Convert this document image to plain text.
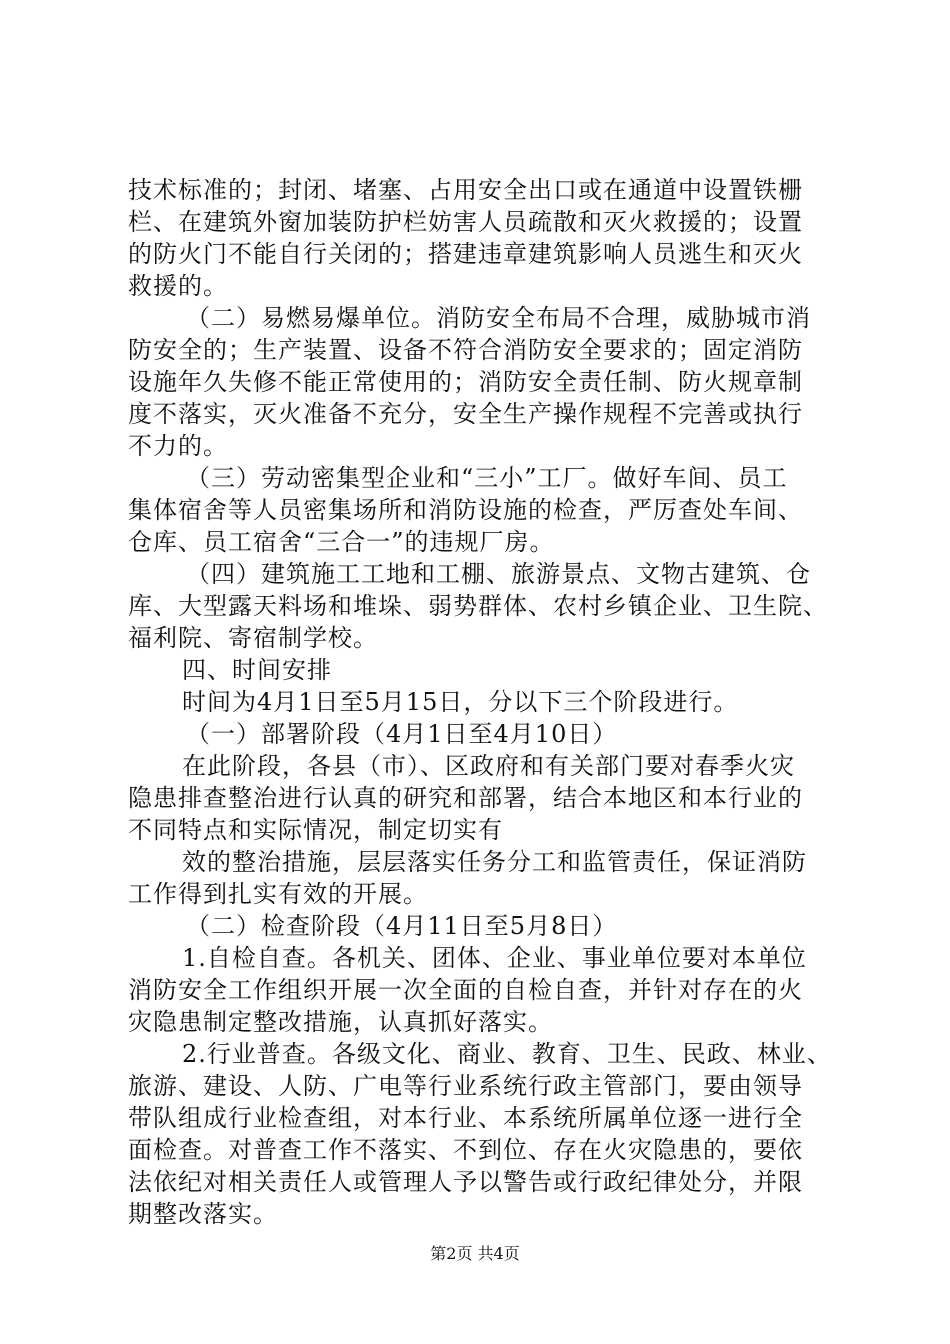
技术标准的；封闭、堵塞、占用安全出口或在通道中设置铁栅
栏、在建筑外窗加装防护栏妨害人员疏散和灭火救援的；设置
的防火门不能自行关闭的；搭建违章建筑影响人员逃生和灭火
救援的。
（二）易燃易爆单位。消防安全布局不合理，威胁城市消
防安全的；生产装置、设备不符合消防安全要求的；固定消防
设施年久失修不能正常使用的；消防安全责任制、防火规章制
度不落实，灭火准备不充分，安全生产操作规程不完善或执行
不力的。
（三）劳动密集型企业和“三小”工厂。做好车间、员工
集体宿舍等人员密集场所和消防设施的检查，严厉查处车间、
仓库、员工宿舍“三合一”的违规厂房。
（四）建筑施工工地和工棚、旅游景点、文物古建筑、仓
库、大型露天料场和堆垛、弱势群体、农村乡镇企业、卫生院、
福利院、寄宿制学校。
四、时间安排
时间为4月1日至5月15日，分以下三个阶段进行。
（一）部署阶段（4月1日至4月10日）
在此阶段，各县（市）、区政府和有关部门要对春季火灾
隐患排查整治进行认真的研究和部署，结合本地区和本行业的
不同特点和实际情况，制定切实有
效的整治措施，层层落实任务分工和监管责任，保证消防
工作得到扎实有效的开展。
（二）检查阶段（4月11日至5月8日）
1.自检自查。各机关、团体、企业、事业单位要对本单位
消防安全工作组织开展一次全面的自检自查，并针对存在的火
灾隐患制定整改措施，认真抓好落实。
2.行业普查。各级文化、商业、教育、卫生、民政、林业、
旅游、建设、人防、广电等行业系统行政主管部门，要由领导
带队组成行业检查组，对本行业、本系统所属单位逐一进行全
面检查。对普查工作不落实、不到位、存在火灾隐患的，要依
法依纪对相关责任人或管理人予以警告或行政纪律处分，并限
期整改落实。
第2页 共4页
